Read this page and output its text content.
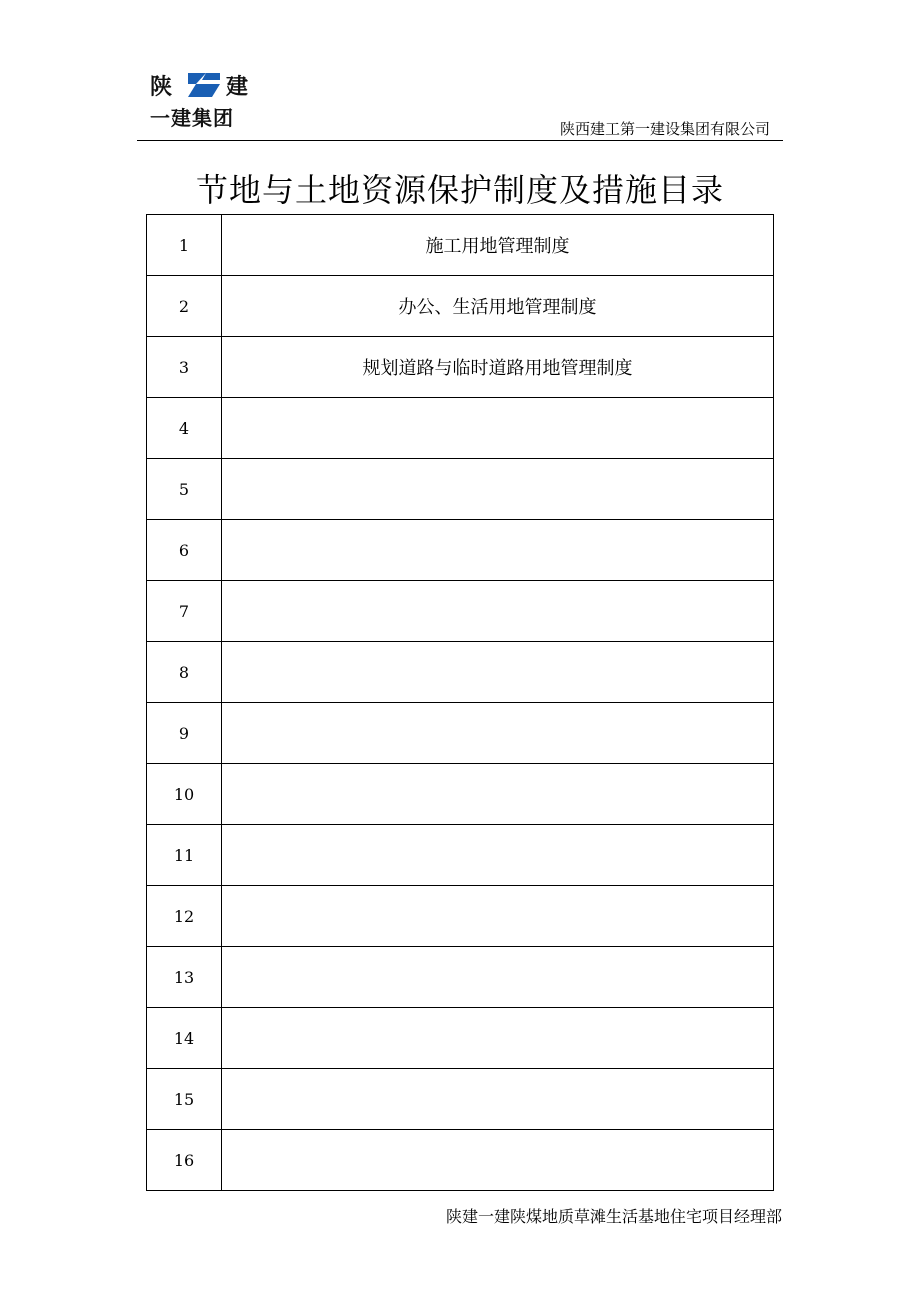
陕 建
一建集团	陕西建工第一建设集团有限公司
节地与土地资源保护制度及措施目录
1	施工用地管理制度
2	办公、生活用地管理制度
3	规划道路与临时道路用地管理制度
4	
5	
6	
7	
8	
9	
10	
11	
12	
13	
14	
15	
16	
陕建一建陕煤地质草滩生活基地住宅项目经理部
